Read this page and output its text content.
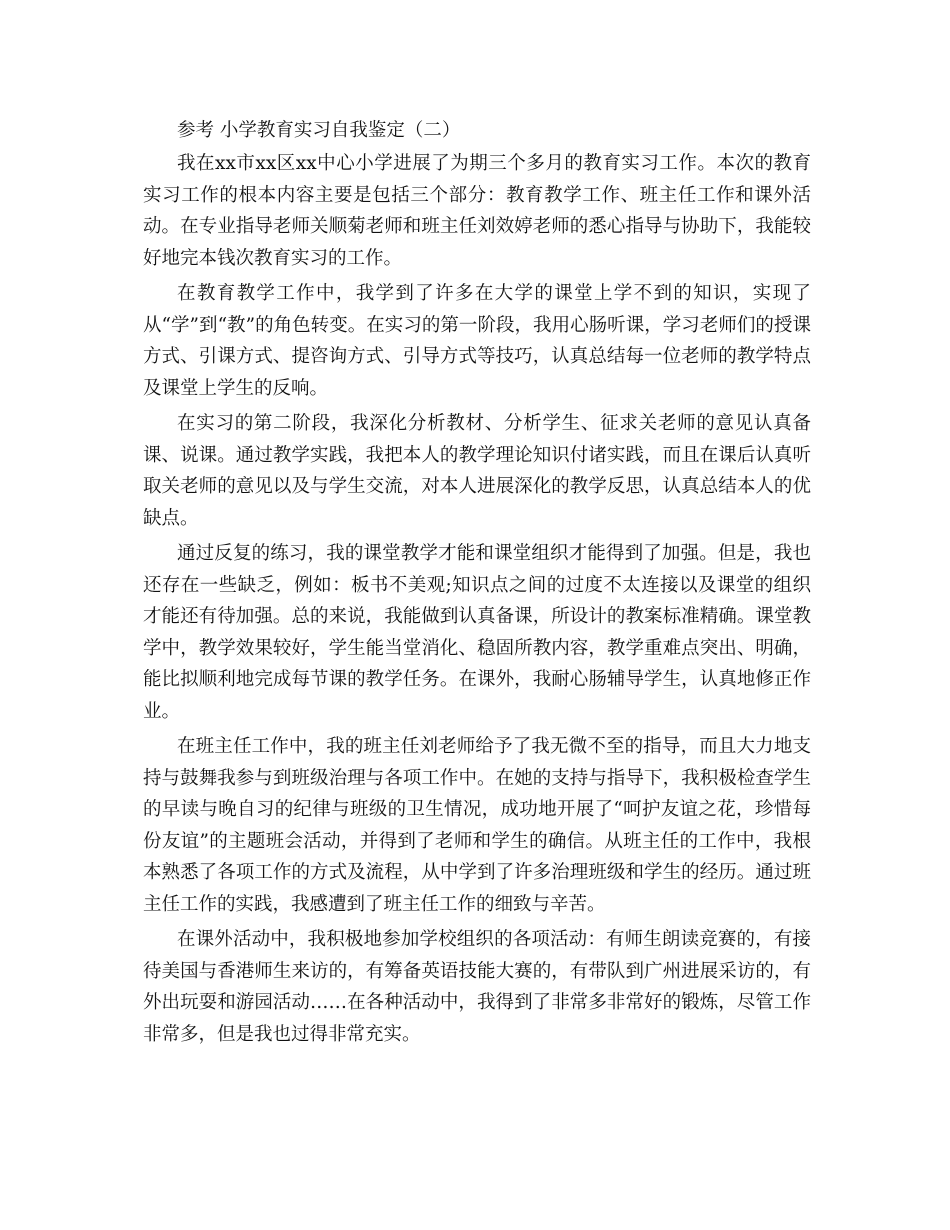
参考 小学教育实习自我鉴定（二）

我在xx市xx区xx中心小学进展了为期三个多月的教育实习工作。本次的教育实习工作的根本内容主要是包括三个部分：教育教学工作、班主任工作和课外活动。在专业指导老师关顺菊老师和班主任刘效婷老师的悉心指导与协助下，我能较好地完本钱次教育实习的工作。

在教育教学工作中，我学到了许多在大学的课堂上学不到的知识，实现了从“学”到“教”的角色转变。在实习的第一阶段，我用心肠听课，学习老师们的授课方式、引课方式、提咨询方式、引导方式等技巧，认真总结每一位老师的教学特点及课堂上学生的反响。

在实习的第二阶段，我深化分析教材、分析学生、征求关老师的意见认真备课、说课。通过教学实践，我把本人的教学理论知识付诸实践，而且在课后认真听取关老师的意见以及与学生交流，对本人进展深化的教学反思，认真总结本人的优缺点。

通过反复的练习，我的课堂教学才能和课堂组织才能得到了加强。但是，我也还存在一些缺乏，例如：板书不美观;知识点之间的过度不太连接以及课堂的组织才能还有待加强。总的来说，我能做到认真备课，所设计的教案标准精确。课堂教学中，教学效果较好，学生能当堂消化、稳固所教内容，教学重难点突出、明确，能比拟顺利地完成每节课的教学任务。在课外，我耐心肠辅导学生，认真地修正作业。

在班主任工作中，我的班主任刘老师给予了我无微不至的指导，而且大力地支持与鼓舞我参与到班级治理与各项工作中。在她的支持与指导下，我积极检查学生的早读与晚自习的纪律与班级的卫生情况，成功地开展了“呵护友谊之花，珍惜每份友谊”的主题班会活动，并得到了老师和学生的确信。从班主任的工作中，我根本熟悉了各项工作的方式及流程，从中学到了许多治理班级和学生的经历。通过班主任工作的实践，我感遭到了班主任工作的细致与辛苦。

在课外活动中，我积极地参加学校组织的各项活动：有师生朗读竞赛的，有接待美国与香港师生来访的，有筹备英语技能大赛的，有带队到广州进展采访的，有外出玩耍和游园活动……在各种活动中，我得到了非常多非常好的锻炼，尽管工作非常多，但是我也过得非常充实。
